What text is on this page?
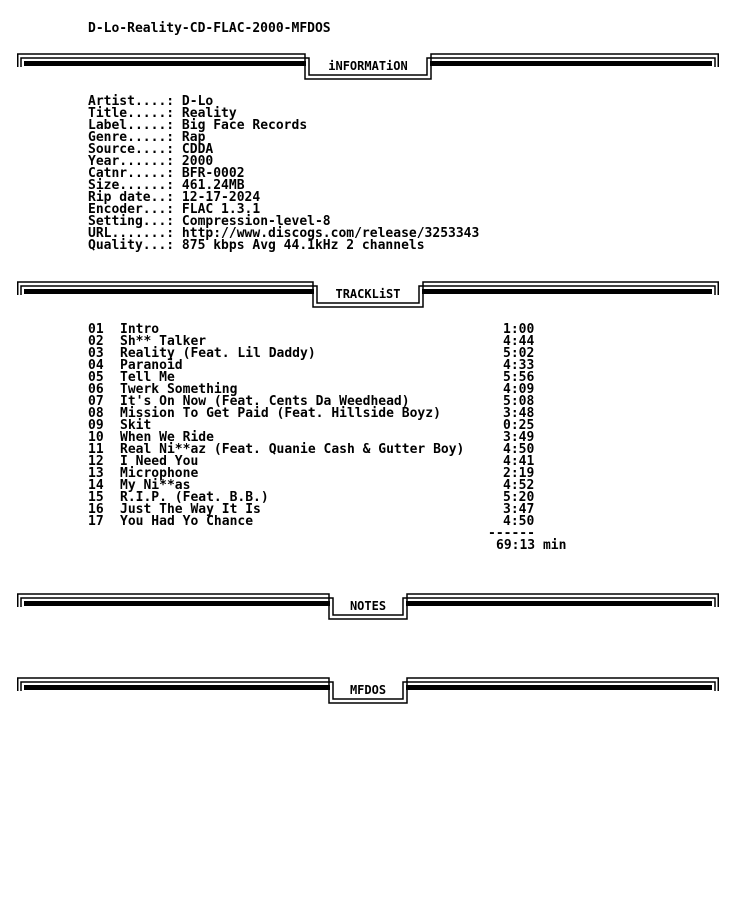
D-Lo-Reality-CD-FLAC-2000-MFDOS
iNFORMATiON
Artist....: D-Lo
Title.....: Reality
Label.....: Big Face Records
Genre.....: Rap
Source....: CDDA
Year......: 2000
Catnr.....: BFR-0002
Size......: 461.24MB
Rip date..: 12-17-2024
Encoder...: FLAC 1.3.1
Setting...: Compression-level-8
URL.......: http://www.discogs.com/release/3253343
Quality...: 875 kbps Avg 44.1kHz 2 channels
TRACKLiST
01 Intro	1:00
02 Sh** Talker	4:44
03 Reality (Feat. Lil Daddy)	5:02
04 Paranoid	4:33
05 Tell Me	5:56
06 Twerk Something	4:09
07 It's On Now (Feat. Cents Da Weedhead)	5:08
08 Mission To Get Paid (Feat. Hillside Boyz)	3:48
09 Skit	0:25
10 When We Ride	3:49
11 Real Ni**az (Feat. Quanie Cash & Gutter Boy)	4:50
12 I Need You	4:41
13 Microphone	2:19
14 My Ni**as	4:52
15 R.I.P. (Feat. B.B.)	5:20
16 Just The Way It Is	3:47
17 You Had Yo Chance	4:50
------
69:13 min
NOTES
MFDOS
